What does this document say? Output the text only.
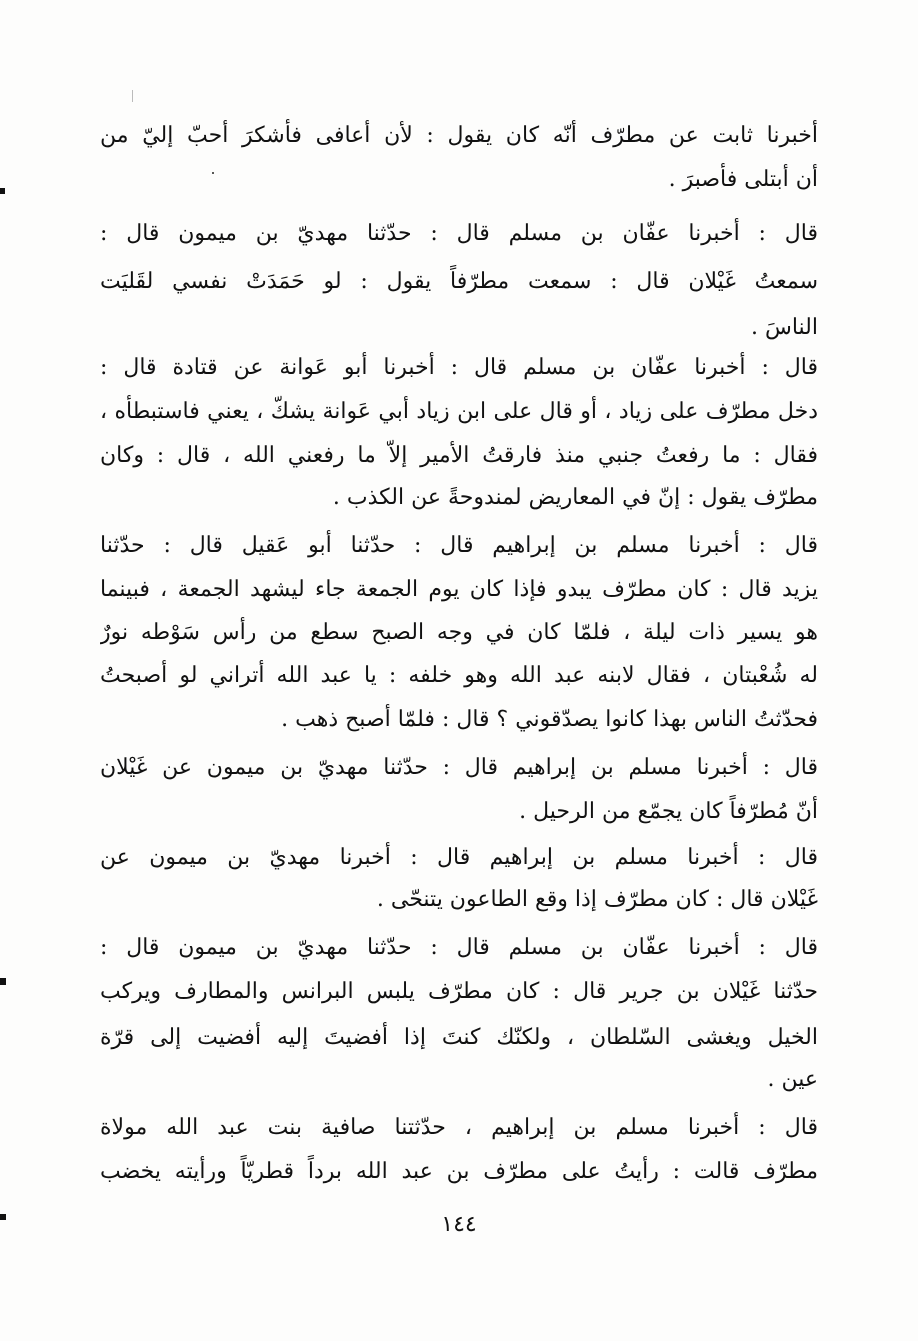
أخبرنا ثابت عن مطرّف أنّه كان يقول : لأن أعافى فأشكرَ أحبّ إليّ من
أن أبتلى فأصبرَ .
قال : أخبرنا عفّان بن مسلم قال : حدّثنا مهديّ بن ميمون قال :
سمعتُ غَيْلان قال : سمعت مطرّفاً يقول : لو حَمَدَتْ نفسي لقَليَت
الناسَ .
قال : أخبرنا عفّان بن مسلم قال : أخبرنا أبو عَوانة عن قتادة قال :
دخل مطرّف على زياد ، أو قال على ابن زياد أبي عَوانة يشكّ ، يعني فاستبطأه ،
فقال : ما رفعتُ جنبي منذ فارقتُ الأمير إلاّ ما رفعني الله ، قال : وكان
مطرّف يقول : إنّ في المعاريض لمندوحةً عن الكذب .
قال : أخبرنا مسلم بن إبراهيم قال : حدّثنا أبو عَقيل قال : حدّثنا
يزيد قال : كان مطرّف يبدو فإذا كان يوم الجمعة جاء ليشهد الجمعة ، فبينما
هو يسير ذات ليلة ، فلمّا كان في وجه الصبح سطع من رأس سَوْطه نورٌ
له شُعْبتان ، فقال لابنه عبد الله وهو خلفه : يا عبد الله أتراني لو أصبحتُ
فحدّثتُ الناس بهذا كانوا يصدّقوني ؟ قال : فلمّا أصبح ذهب .
قال : أخبرنا مسلم بن إبراهيم قال : حدّثنا مهديّ بن ميمون عن غَيْلان
أنّ مُطرّفاً كان يجمّع من الرحيل .
قال : أخبرنا مسلم بن إبراهيم قال : أخبرنا مهديّ بن ميمون عن
غَيْلان قال : كان مطرّف إذا وقع الطاعون يتنحّى .
قال : أخبرنا عفّان بن مسلم قال : حدّثنا مهديّ بن ميمون قال :
حدّثنا غَيْلان بن جرير قال : كان مطرّف يلبس البرانس والمطارف ويركب
الخيل ويغشى السّلطان ، ولكنّك كنتَ إذا أفضيتَ إليه أفضيت إلى قرّة
عين .
قال : أخبرنا مسلم بن إبراهيم ، حدّثتنا صافية بنت عبد الله مولاة
مطرّف قالت : رأيتُ على مطرّف بن عبد الله برداً قطريّاً ورأيته يخضب
١٤٤
